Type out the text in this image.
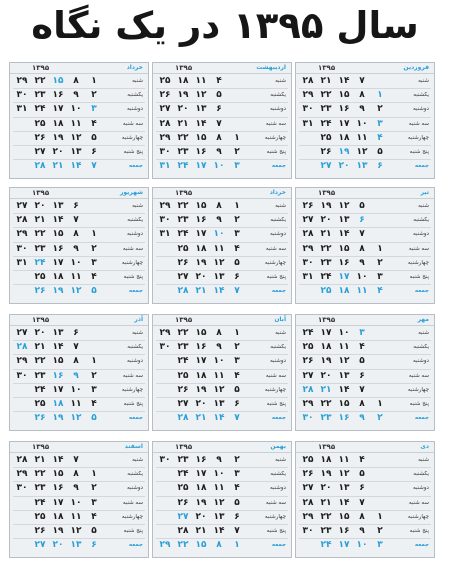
سال ۱۳۹۵ در یک نگاه
فروردین
۱۳۹۵
شنبه		۷	۱۴	۲۱	۲۸
یکشنبه	۱	۸	۱۵	۲۲	۲۹
دوشنبه	۲	۹	۱۶	۲۳	۳۰
سه شنبه	۳	۱۰	۱۷	۲۴	۳۱
چهارشنبه	۴	۱۱	۱۸	۲۵	
پنج شنبه	۵	۱۲	۱۹	۲۶	
جمعه	۶	۱۳	۲۰	۲۷	
اردیبهشت
۱۳۹۵
شنبه		۴	۱۱	۱۸	۲۵
یکشنبه		۵	۱۲	۱۹	۲۶
دوشنبه		۶	۱۳	۲۰	۲۷
سه شنبه		۷	۱۴	۲۱	۲۸
چهارشنبه	۱	۸	۱۵	۲۲	۲۹
پنج شنبه	۲	۹	۱۶	۲۳	۳۰
جمعه	۳	۱۰	۱۷	۲۴	۳۱
خرداد
۱۳۹۵
شنبه	۱	۸	۱۵	۲۲	۲۹
یکشنبه	۲	۹	۱۶	۲۳	۳۰
دوشنبه	۳	۱۰	۱۷	۲۴	۳۱
سه شنبه	۴	۱۱	۱۸	۲۵	
چهارشنبه	۵	۱۲	۱۹	۲۶	
پنج شنبه	۶	۱۳	۲۰	۲۷	
جمعه	۷	۱۴	۲۱	۲۸	
تیر
۱۳۹۵
شنبه		۵	۱۲	۱۹	۲۶
یکشنبه		۶	۱۳	۲۰	۲۷
دوشنبه		۷	۱۴	۲۱	۲۸
سه شنبه	۱	۸	۱۵	۲۲	۲۹
چهارشنبه	۲	۹	۱۶	۲۳	۳۰
پنج شنبه	۳	۱۰	۱۷	۲۴	۳۱
جمعه	۴	۱۱	۱۸	۲۵	
خرداد
۱۳۹۵
شنبه	۱	۸	۱۵	۲۲	۲۹
یکشنبه	۲	۹	۱۶	۲۳	۳۰
دوشنبه	۳	۱۰	۱۷	۲۴	۳۱
سه شنبه	۴	۱۱	۱۸	۲۵	
چهارشنبه	۵	۱۲	۱۹	۲۶	
پنج شنبه	۶	۱۳	۲۰	۲۷	
جمعه	۷	۱۴	۲۱	۲۸	
شهریور
۱۳۹۵
شنبه		۶	۱۳	۲۰	۲۷
یکشنبه		۷	۱۴	۲۱	۲۸
دوشنبه	۱	۸	۱۵	۲۲	۲۹
سه شنبه	۲	۹	۱۶	۲۳	۳۰
چهارشنبه	۳	۱۰	۱۷	۲۴	۳۱
پنج شنبه	۴	۱۱	۱۸	۲۵	
جمعه	۵	۱۲	۱۹	۲۶	
مهر
۱۳۹۵
شنبه		۳	۱۰	۱۷	۲۴
یکشنبه		۴	۱۱	۱۸	۲۵
دوشنبه		۵	۱۲	۱۹	۲۶
سه شنبه		۶	۱۳	۲۰	۲۷
چهارشنبه		۷	۱۴	۲۱	۲۸
پنج شنبه	۱	۸	۱۵	۲۲	۲۹
جمعه	۲	۹	۱۶	۲۳	۳۰
آبان
۱۳۹۵
شنبه	۱	۸	۱۵	۲۲	۲۹
یکشنبه	۲	۹	۱۶	۲۳	۳۰
دوشنبه	۳	۱۰	۱۷	۲۴	
سه شنبه	۴	۱۱	۱۸	۲۵	
چهارشنبه	۵	۱۲	۱۹	۲۶	
پنج شنبه	۶	۱۳	۲۰	۲۷	
جمعه	۷	۱۴	۲۱	۲۸	
آذر
۱۳۹۵
شنبه		۶	۱۳	۲۰	۲۷
یکشنبه		۷	۱۴	۲۱	۲۸
دوشنبه	۱	۸	۱۵	۲۲	۲۹
سه شنبه	۲	۹	۱۶	۲۳	۳۰
چهارشنبه	۳	۱۰	۱۷	۲۴	
پنج شنبه	۴	۱۱	۱۸	۲۵	
جمعه	۵	۱۲	۱۹	۲۶	
دی
۱۳۹۵
شنبه		۴	۱۱	۱۸	۲۵
یکشنبه		۵	۱۲	۱۹	۲۶
دوشنبه		۶	۱۳	۲۰	۲۷
سه شنبه		۷	۱۴	۲۱	۲۸
چهارشنبه	۱	۸	۱۵	۲۲	۲۹
پنج شنبه	۲	۹	۱۶	۲۳	۳۰
جمعه	۳	۱۰	۱۷	۲۴	
بهمن
۱۳۹۵
شنبه	۲	۹	۱۶	۲۳	۳۰
یکشنبه	۳	۱۰	۱۷	۲۴	
دوشنبه	۴	۱۱	۱۸	۲۵	
سه شنبه	۵	۱۲	۱۹	۲۶	
چهارشنبه	۶	۱۳	۲۰	۲۷	
پنج شنبه	۷	۱۴	۲۱	۲۸	
جمعه	۱	۸	۱۵	۲۲	۲۹
اسفند
۱۳۹۵
شنبه		۷	۱۴	۲۱	۲۸
یکشنبه	۱	۸	۱۵	۲۲	۲۹
دوشنبه	۲	۹	۱۶	۲۳	۳۰
سه شنبه	۳	۱۰	۱۷	۲۴	
چهارشنبه	۴	۱۱	۱۸	۲۵	
پنج شنبه	۵	۱۲	۱۹	۲۶	
جمعه	۶	۱۳	۲۰	۲۷	
